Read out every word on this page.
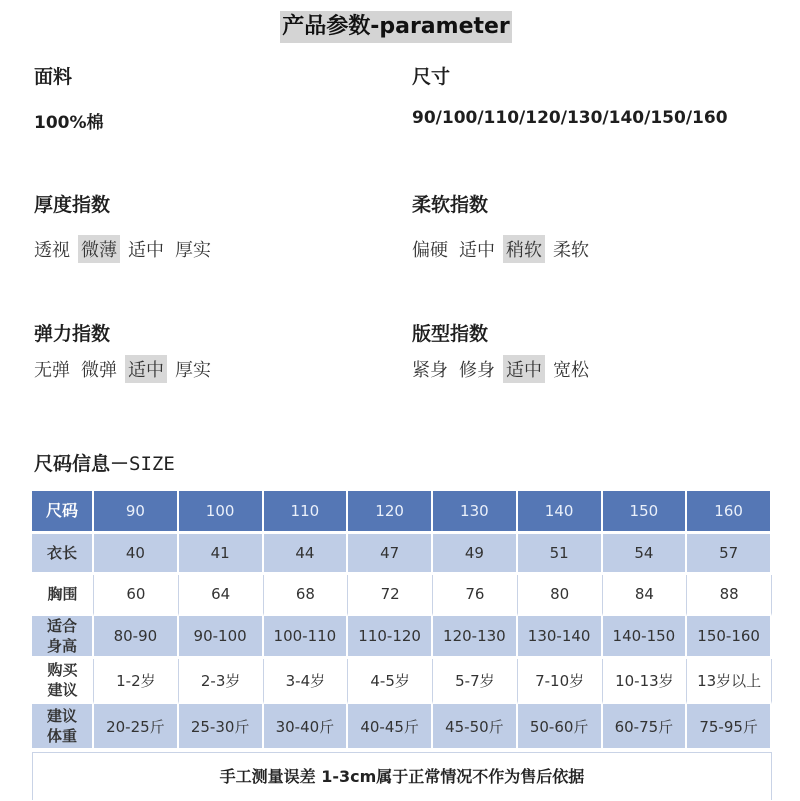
产品参数-parameter
面料
100%棉
尺寸
90/100/110/120/130/140/150/160
厚度指数
透视 微薄 适中 厚实
柔软指数
偏硬 适中 稍软 柔软
弹力指数
无弹 微弹 适中 厚实
版型指数
紧身 修身 适中 宽松
尺码信息－SIZE
尺码	90	100	110	120	130	140	150	160
衣长	40	41	44	47	49	51	54	57
胸围	60	64	68	72	76	80	84	88
适合
身高	80-90	90-100	100-110	110-120	120-130	130-140	140-150	150-160
购买
建议	1-2岁	2-3岁	3-4岁	4-5岁	5-7岁	7-10岁	10-13岁	13岁以上
建议
体重	20-25斤	25-30斤	30-40斤	40-45斤	45-50斤	50-60斤	60-75斤	75-95斤
手工测量误差 1-3cm属于正常情况不作为售后依据
